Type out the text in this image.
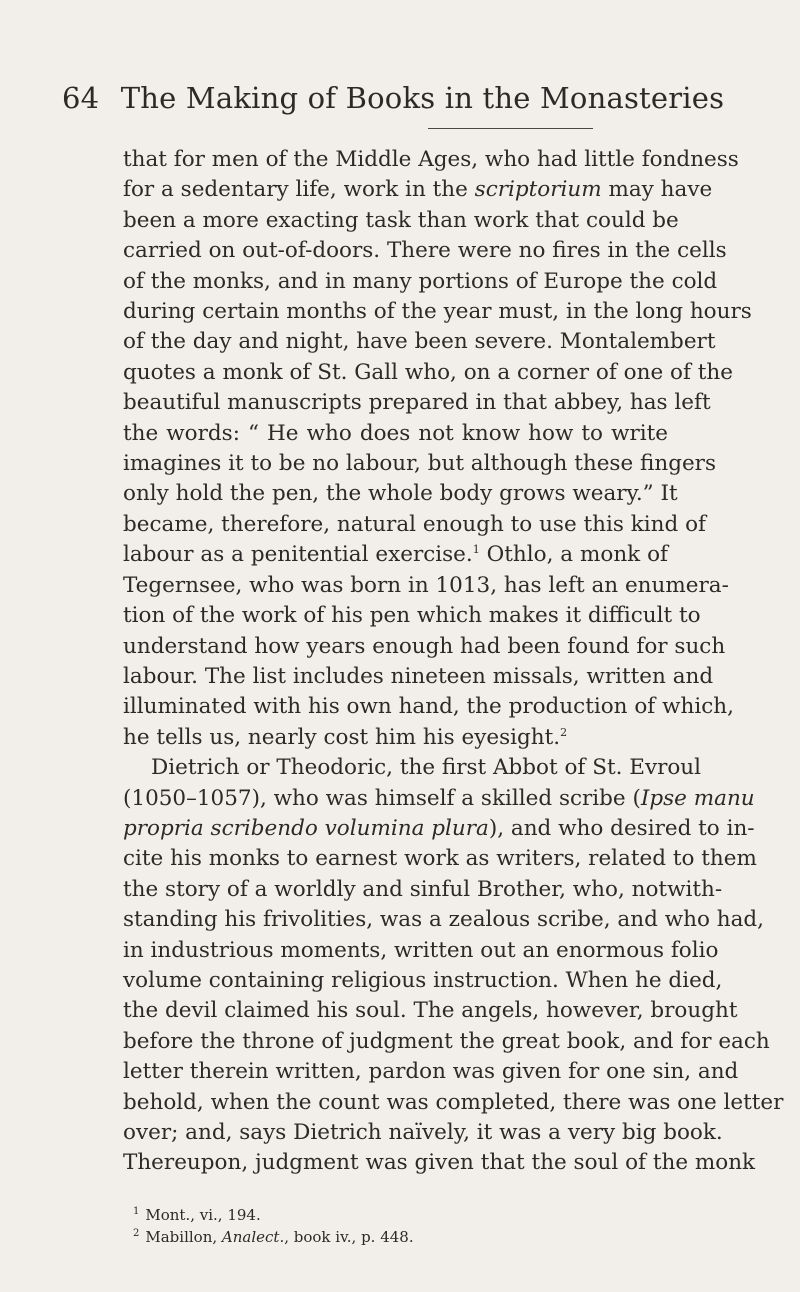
64 The Making of Books in the Monasteries
that for men of the Middle Ages, who had little fondness
for a sedentary life, work in the scriptorium may have
been a more exacting task than work that could be
carried on out-of-doors. There were no fires in the cells
of the monks, and in many portions of Europe the cold
during certain months of the year must, in the long hours
of the day and night, have been severe. Montalembert
quotes a monk of St. Gall who, on a corner of one of the
beautiful manuscripts prepared in that abbey, has left
the words: “ He who does not know how to write
imagines it to be no labour, but although these fingers
only hold the pen, the whole body grows weary.” It
became, therefore, natural enough to use this kind of
labour as a penitential exercise.$^1$ Othlo, a monk of
Tegernsee, who was born in 1013, has left an enumera-
tion of the work of his pen which makes it difficult to
understand how years enough had been found for such
labour. The list includes nineteen missals, written and
illuminated with his own hand, the production of which,
he tells us, nearly cost him his eyesight.$^2$
Dietrich or Theodoric, the first Abbot of St. Evroul
(1050–1057), who was himself a skilled scribe (Ipse manu
propria scribendo volumina plura), and who desired to in-
cite his monks to earnest work as writers, related to them
the story of a worldly and sinful Brother, who, notwith-
standing his frivolities, was a zealous scribe, and who had,
in industrious moments, written out an enormous folio
volume containing religious instruction. When he died,
the devil claimed his soul. The angels, however, brought
before the throne of judgment the great book, and for each
letter therein written, pardon was given for one sin, and
behold, when the count was completed, there was one letter
over; and, says Dietrich naïvely, it was a very big book.
Thereupon, judgment was given that the soul of the monk
$^1$ Mont., vi., 194.
$^2$ Mabillon, Analect., book iv., p. 448.
